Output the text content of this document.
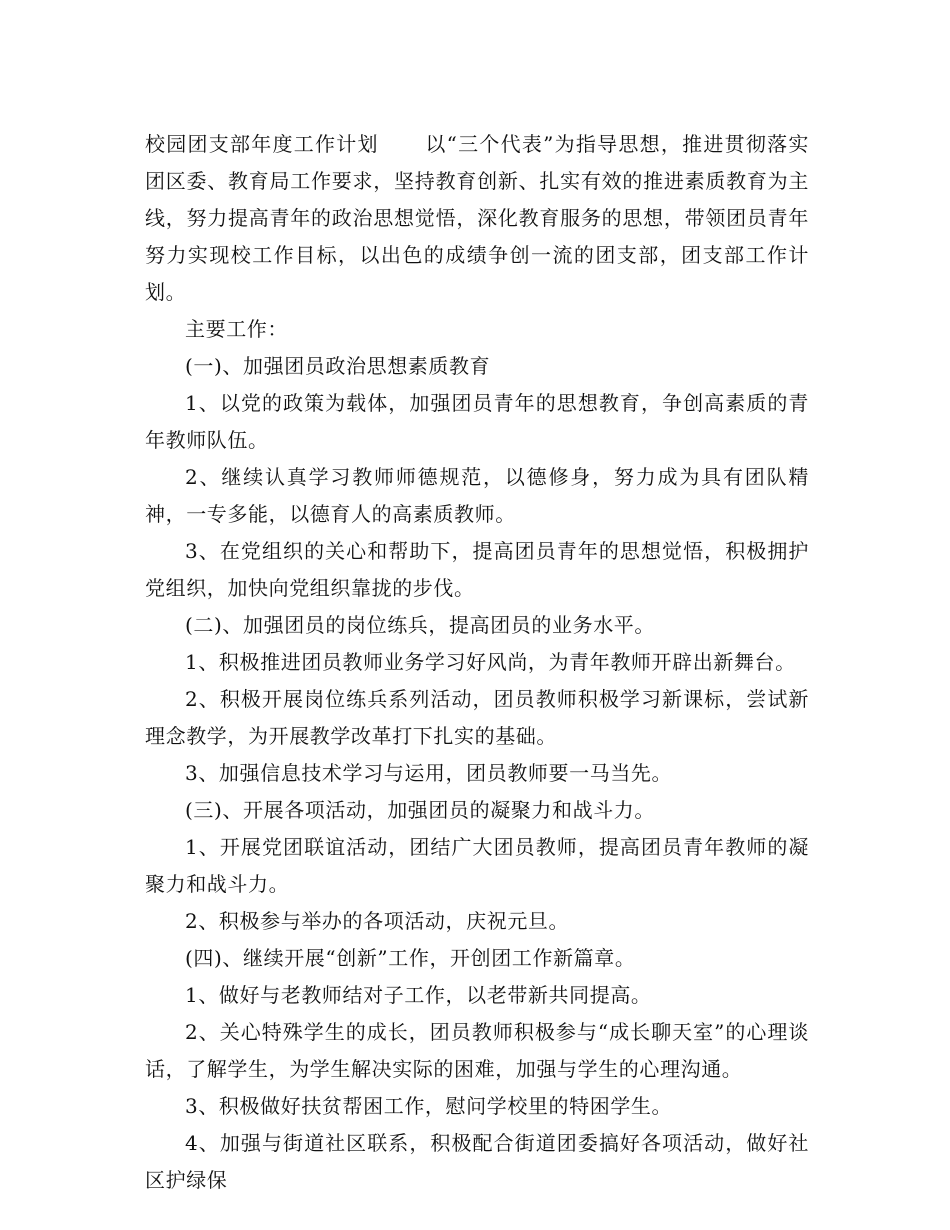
校园团支部年度工作计划 以“三个代表”为指导思想，推进贯彻落实团区委、教育局工作要求，坚持教育创新、扎实有效的推进素质教育为主线，努力提高青年的政治思想觉悟，深化教育服务的思想，带领团员青年努力实现校工作目标，以出色的成绩争创一流的团支部，团支部工作计划。

主要工作：

(一)、加强团员政治思想素质教育

1、以党的政策为载体，加强团员青年的思想教育，争创高素质的青年教师队伍。

2、继续认真学习教师师德规范，以德修身，努力成为具有团队精神，一专多能，以德育人的高素质教师。

3、在党组织的关心和帮助下，提高团员青年的思想觉悟，积极拥护党组织，加快向党组织靠拢的步伐。

(二)、加强团员的岗位练兵，提高团员的业务水平。

1、积极推进团员教师业务学习好风尚，为青年教师开辟出新舞台。

2、积极开展岗位练兵系列活动，团员教师积极学习新课标，尝试新理念教学，为开展教学改革打下扎实的基础。

3、加强信息技术学习与运用，团员教师要一马当先。

(三)、开展各项活动，加强团员的凝聚力和战斗力。

1、开展党团联谊活动，团结广大团员教师，提高团员青年教师的凝聚力和战斗力。

2、积极参与举办的各项活动，庆祝元旦。

(四)、继续开展“创新”工作，开创团工作新篇章。

1、做好与老教师结对子工作，以老带新共同提高。

2、关心特殊学生的成长，团员教师积极参与“成长聊天室”的心理谈话，了解学生，为学生解决实际的困难，加强与学生的心理沟通。

3、积极做好扶贫帮困工作，慰问学校里的特困学生。

4、加强与街道社区联系，积极配合街道团委搞好各项活动，做好社区护绿保
